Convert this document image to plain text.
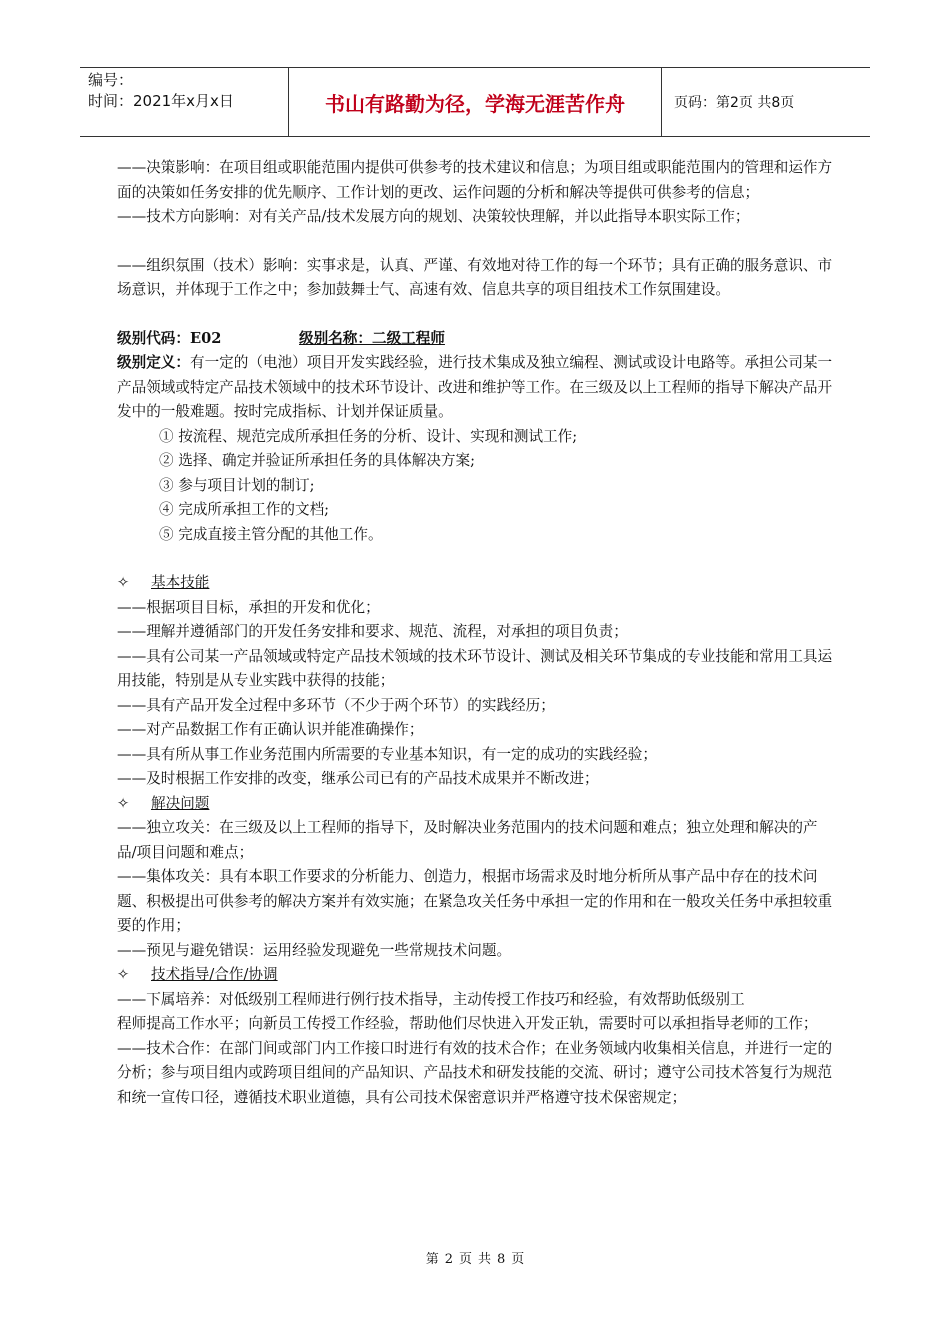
编号：
时间：2021年x月x日	书山有路勤为径，学海无涯苦作舟	页码：第2页 共8页

——决策影响：在项目组或职能范围内提供可供参考的技术建议和信息；为项目组或职能范围内的管理和运作方面的决策如任务安排的优先顺序、工作计划的更改、运作问题的分析和解决等提供可供参考的信息；

——技术方向影响：对有关产品/技术发展方向的规划、决策较快理解，并以此指导本职实际工作；

——组织氛围（技术）影响：实事求是，认真、严谨、有效地对待工作的每一个环节；具有正确的服务意识、市场意识，并体现于工作之中；参加鼓舞士气、高速有效、信息共享的项目组技术工作氛围建设。

级别代码：E02	级别名称：二级工程师

级别定义：有一定的（电池）项目开发实践经验，进行技术集成及独立编程、测试或设计电路等。承担公司某一产品领域或特定产品技术领域中的技术环节设计、改进和维护等工作。在三级及以上工程师的指导下解决产品开发中的一般难题。按时完成指标、计划并保证质量。

① 按流程、规范完成所承担任务的分析、设计、实现和测试工作;

② 选择、确定并验证所承担任务的具体解决方案;

③ 参与项目计划的制订;

④ 完成所承担工作的文档;

⑤ 完成直接主管分配的其他工作。

✧ 基本技能

——根据项目目标，承担的开发和优化；

——理解并遵循部门的开发任务安排和要求、规范、流程，对承担的项目负责；

——具有公司某一产品领域或特定产品技术领域的技术环节设计、测试及相关环节集成的专业技能和常用工具运用技能，特别是从专业实践中获得的技能；

——具有产品开发全过程中多环节（不少于两个环节）的实践经历；

——对产品数据工作有正确认识并能准确操作；

——具有所从事工作业务范围内所需要的专业基本知识，有一定的成功的实践经验；

——及时根据工作安排的改变，继承公司已有的产品技术成果并不断改进；

✧ 解决问题

——独立攻关：在三级及以上工程师的指导下，及时解决业务范围内的技术问题和难点；独立处理和解决的产品/项目问题和难点；

——集体攻关：具有本职工作要求的分析能力、创造力，根据市场需求及时地分析所从事产品中存在的技术问题、积极提出可供参考的解决方案并有效实施；在紧急攻关任务中承担一定的作用和在一般攻关任务中承担较重要的作用；

——预见与避免错误：运用经验发现避免一些常规技术问题。

✧ 技术指导/合作/协调

——下属培养：对低级别工程师进行例行技术指导，主动传授工作技巧和经验，有效帮助低级别工

程师提高工作水平；向新员工传授工作经验，帮助他们尽快进入开发正轨，需要时可以承担指导老师的工作；

——技术合作：在部门间或部门内工作接口时进行有效的技术合作；在业务领域内收集相关信息，并进行一定的分析；参与项目组内或跨项目组间的产品知识、产品技术和研发技能的交流、研讨；遵守公司技术答复行为规范和统一宣传口径，遵循技术职业道德，具有公司技术保密意识并严格遵守技术保密规定；

第 2 页 共 8 页
